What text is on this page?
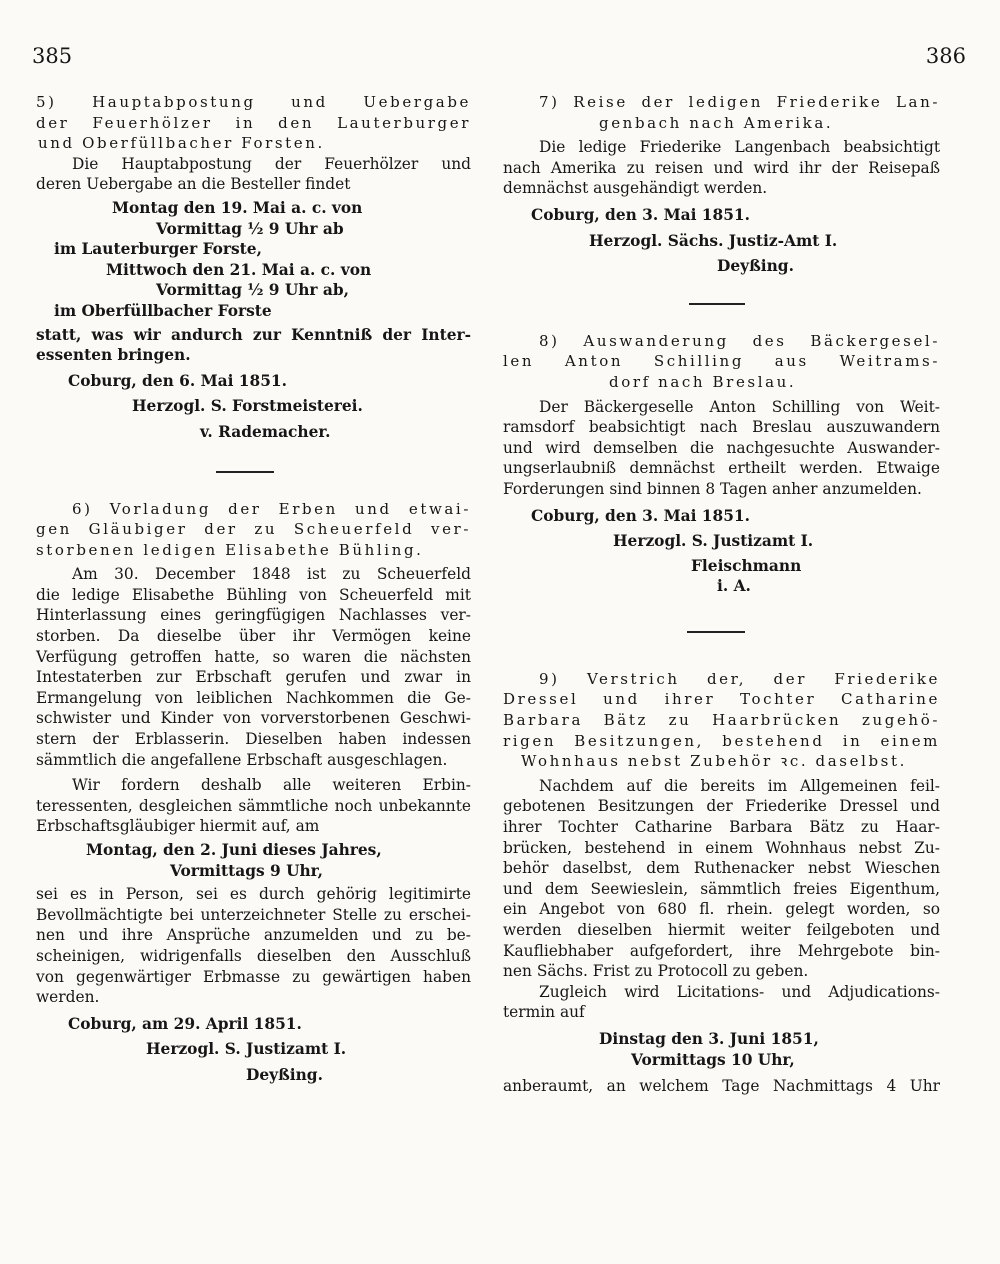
385	386
5) Hauptabpostung und Uebergabe
der Feuerhölzer in den Lauterburger
und Oberfüllbacher Forsten.
Die Hauptabpostung der Feuerhölzer und
deren Uebergabe an die Besteller findet
Montag den 19. Mai a. c. von
Vormittag ½ 9 Uhr ab
im Lauterburger Forste,
Mittwoch den 21. Mai a. c. von
Vormittag ½ 9 Uhr ab,
im Oberfüllbacher Forste
statt, was wir andurch zur Kenntniß der Inter-
essenten bringen.
Coburg, den 6. Mai 1851.
Herzogl. S. Forstmeisterei.
v. Rademacher.
6) Vorladung der Erben und etwai-
gen Gläubiger der zu Scheuerfeld ver-
storbenen ledigen Elisabethe Bühling.
Am 30. December 1848 ist zu Scheuerfeld
die ledige Elisabethe Bühling von Scheuerfeld mit
Hinterlassung eines geringfügigen Nachlasses ver-
storben. Da dieselbe über ihr Vermögen keine
Verfügung getroffen hatte, so waren die nächsten
Intestaterben zur Erbschaft gerufen und zwar in
Ermangelung von leiblichen Nachkommen die Ge-
schwister und Kinder von vorverstorbenen Geschwi-
stern der Erblasserin. Dieselben haben indessen
sämmtlich die angefallene Erbschaft ausgeschlagen.
Wir fordern deshalb alle weiteren Erbin-
teressenten, desgleichen sämmtliche noch unbekannte
Erbschaftsgläubiger hiermit auf, am
Montag, den 2. Juni dieses Jahres,
Vormittags 9 Uhr,
sei es in Person, sei es durch gehörig legitimirte
Bevollmächtigte bei unterzeichneter Stelle zu erschei-
nen und ihre Ansprüche anzumelden und zu be-
scheinigen, widrigenfalls dieselben den Ausschluß
von gegenwärtiger Erbmasse zu gewärtigen haben
werden.
Coburg, am 29. April 1851.
Herzogl. S. Justizamt I.
Deyßing.
7) Reise der ledigen Friederike Lan-
genbach nach Amerika.
Die ledige Friederike Langenbach beabsichtigt
nach Amerika zu reisen und wird ihr der Reisepaß
demnächst ausgehändigt werden.
Coburg, den 3. Mai 1851.
Herzogl. Sächs. Justiz-Amt I.
Deyßing.
8) Auswanderung des Bäckergesel-
len Anton Schilling aus Weitrams-
dorf nach Breslau.
Der Bäckergeselle Anton Schilling von Weit-
ramsdorf beabsichtigt nach Breslau auszuwandern
und wird demselben die nachgesuchte Auswander-
ungserlaubniß demnächst ertheilt werden. Etwaige
Forderungen sind binnen 8 Tagen anher anzumelden.
Coburg, den 3. Mai 1851.
Herzogl. S. Justizamt I.
Fleischmann
i. A.
9) Verstrich der, der Friederike
Dressel und ihrer Tochter Catharine
Barbara Bätz zu Haarbrücken zugehö-
rigen Besitzungen, bestehend in einem
Wohnhaus nebst Zubehör ꝛc. daselbst.
Nachdem auf die bereits im Allgemeinen feil-
gebotenen Besitzungen der Friederike Dressel und
ihrer Tochter Catharine Barbara Bätz zu Haar-
brücken, bestehend in einem Wohnhaus nebst Zu-
behör daselbst, dem Ruthenacker nebst Wieschen
und dem Seewieslein, sämmtlich freies Eigenthum,
ein Angebot von 680 fl. rhein. gelegt worden, so
werden dieselben hiermit weiter feilgeboten und
Kaufliebhaber aufgefordert, ihre Mehrgebote bin-
nen Sächs. Frist zu Protocoll zu geben.
Zugleich wird Licitations- und Adjudications-
termin auf
Dinstag den 3. Juni 1851,
Vormittags 10 Uhr,
anberaumt, an welchem Tage Nachmittags 4 Uhr
